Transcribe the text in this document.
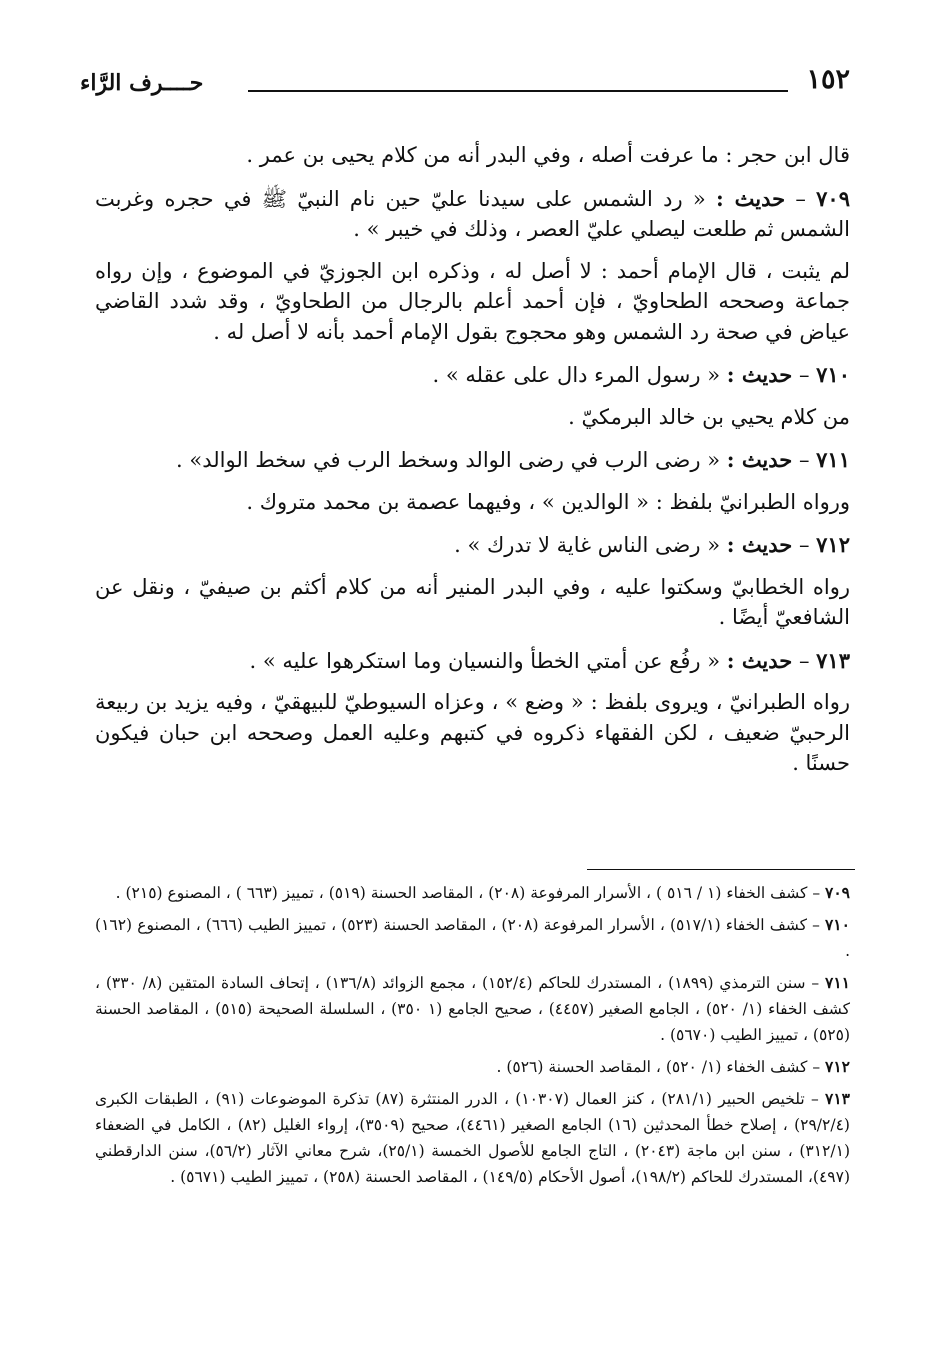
١٥٢
حــــرف الرَّاء

قال ابن حجر : ما عرفت أصله ، وفي البدر أنه من كلام يحيى بن عمر .

٧٠٩ – حديث : « رد الشمس على سيدنا عليّ حين نام النبيّ ﷺ في حجره وغربت الشمس ثم طلعت ليصلي عليّ العصر ، وذلك في خيبر » .

لم يثبت ، قال الإمام أحمد : لا أصل له ، وذكره ابن الجوزيّ في الموضوع ، وإن رواه جماعة وصححه الطحاويّ ، فإن أحمد أعلم بالرجال من الطحاويّ ، وقد شدد القاضي عياض في صحة رد الشمس وهو محجوج بقول الإمام أحمد بأنه لا أصل له .

٧١٠ – حديث : « رسول المرء دال على عقله » .

من كلام يحيي بن خالد البرمكيّ .

٧١١ – حديث : « رضى الرب في رضى الوالد وسخط الرب في سخط الوالد» .

ورواه الطبرانيّ بلفظ : « الوالدين » ، وفيهما عصمة بن محمد متروك .

٧١٢ – حديث : « رضى الناس غاية لا تدرك » .

رواه الخطابيّ وسكتوا عليه ، وفي البدر المنير أنه من كلام أكثم بن صيفيّ ، ونقل عن الشافعيّ أيضًا .

٧١٣ – حديث : « رفُع عن أمتي الخطأ والنسيان وما استكرهوا عليه » .

رواه الطبرانيّ ، ويروى بلفظ : « وضع » ، وعزاه السيوطيّ للبيهقيّ ، وفيه يزيد بن ربيعة الرحبيّ ضعيف ، لكن الفقهاء ذكروه في كتبهم وعليه العمل وصححه ابن حبان فيكون حسنًا .

٧٠٩ – كشف الخفاء (١ / ٥١٦ ) ، الأسرار المرفوعة (٢٠٨) ، المقاصد الحسنة (٥١٩) ، تمييز (٦٦٣ ) ، المصنوع (٢١٥) .

٧١٠ – كشف الخفاء (٥١٧/١) ، الأسرار المرفوعة (٢٠٨) ، المقاصد الحسنة (٥٢٣) ، تمييز الطيب (٦٦٦) ، المصنوع (١٦٢) .

٧١١ – سنن الترمذي (١٨٩٩) ، المستدرك للحاكم (١٥٢/٤) ، مجمع الزوائد (١٣٦/٨) ، إتحاف السادة المتقين (٨/ ٣٣٠) ، كشف الخفاء (١/ ٥٢٠) ، الجامع الصغير (٤٤٥٧) ، صحيح الجامع (١ ٣٥٠) ، السلسلة الصحيحة (٥١٥) ، المقاصد الحسنة (٥٢٥) ، تمييز الطيب (٥٦٧٠) .

٧١٢ – كشف الخفاء (١/ ٥٢٠) ، المقاصد الحسنة (٥٢٦) .

٧١٣ – تلخيص الحبير (٢٨١/١) ، كنز العمال (١٠٣٠٧) ، الدرر المنتثرة (٨٧) تذكرة الموضوعات (٩١) ، الطبقات الكبرى (٢٩/٢/٤) ، إصلاح خطأ المحدثين (١٦) الجامع الصغير (٤٤٦١)، صحيح (٣٥٠٩)، إرواء الغليل (٨٢) ، الكامل في الضعفاء (٣١٢/١) ، سنن ابن ماجة (٢٠٤٣) ، التاج الجامع للأصول الخمسة (٢٥/١)، شرح معاني الآثار (٥٦/٢)، سنن الدارقطني (٤٩٧)، المستدرك للحاكم (١٩٨/٢)، أصول الأحكام (١٤٩/٥) ، المقاصد الحسنة (٢٥٨) ، تمييز الطيب (٥٦٧١) .
